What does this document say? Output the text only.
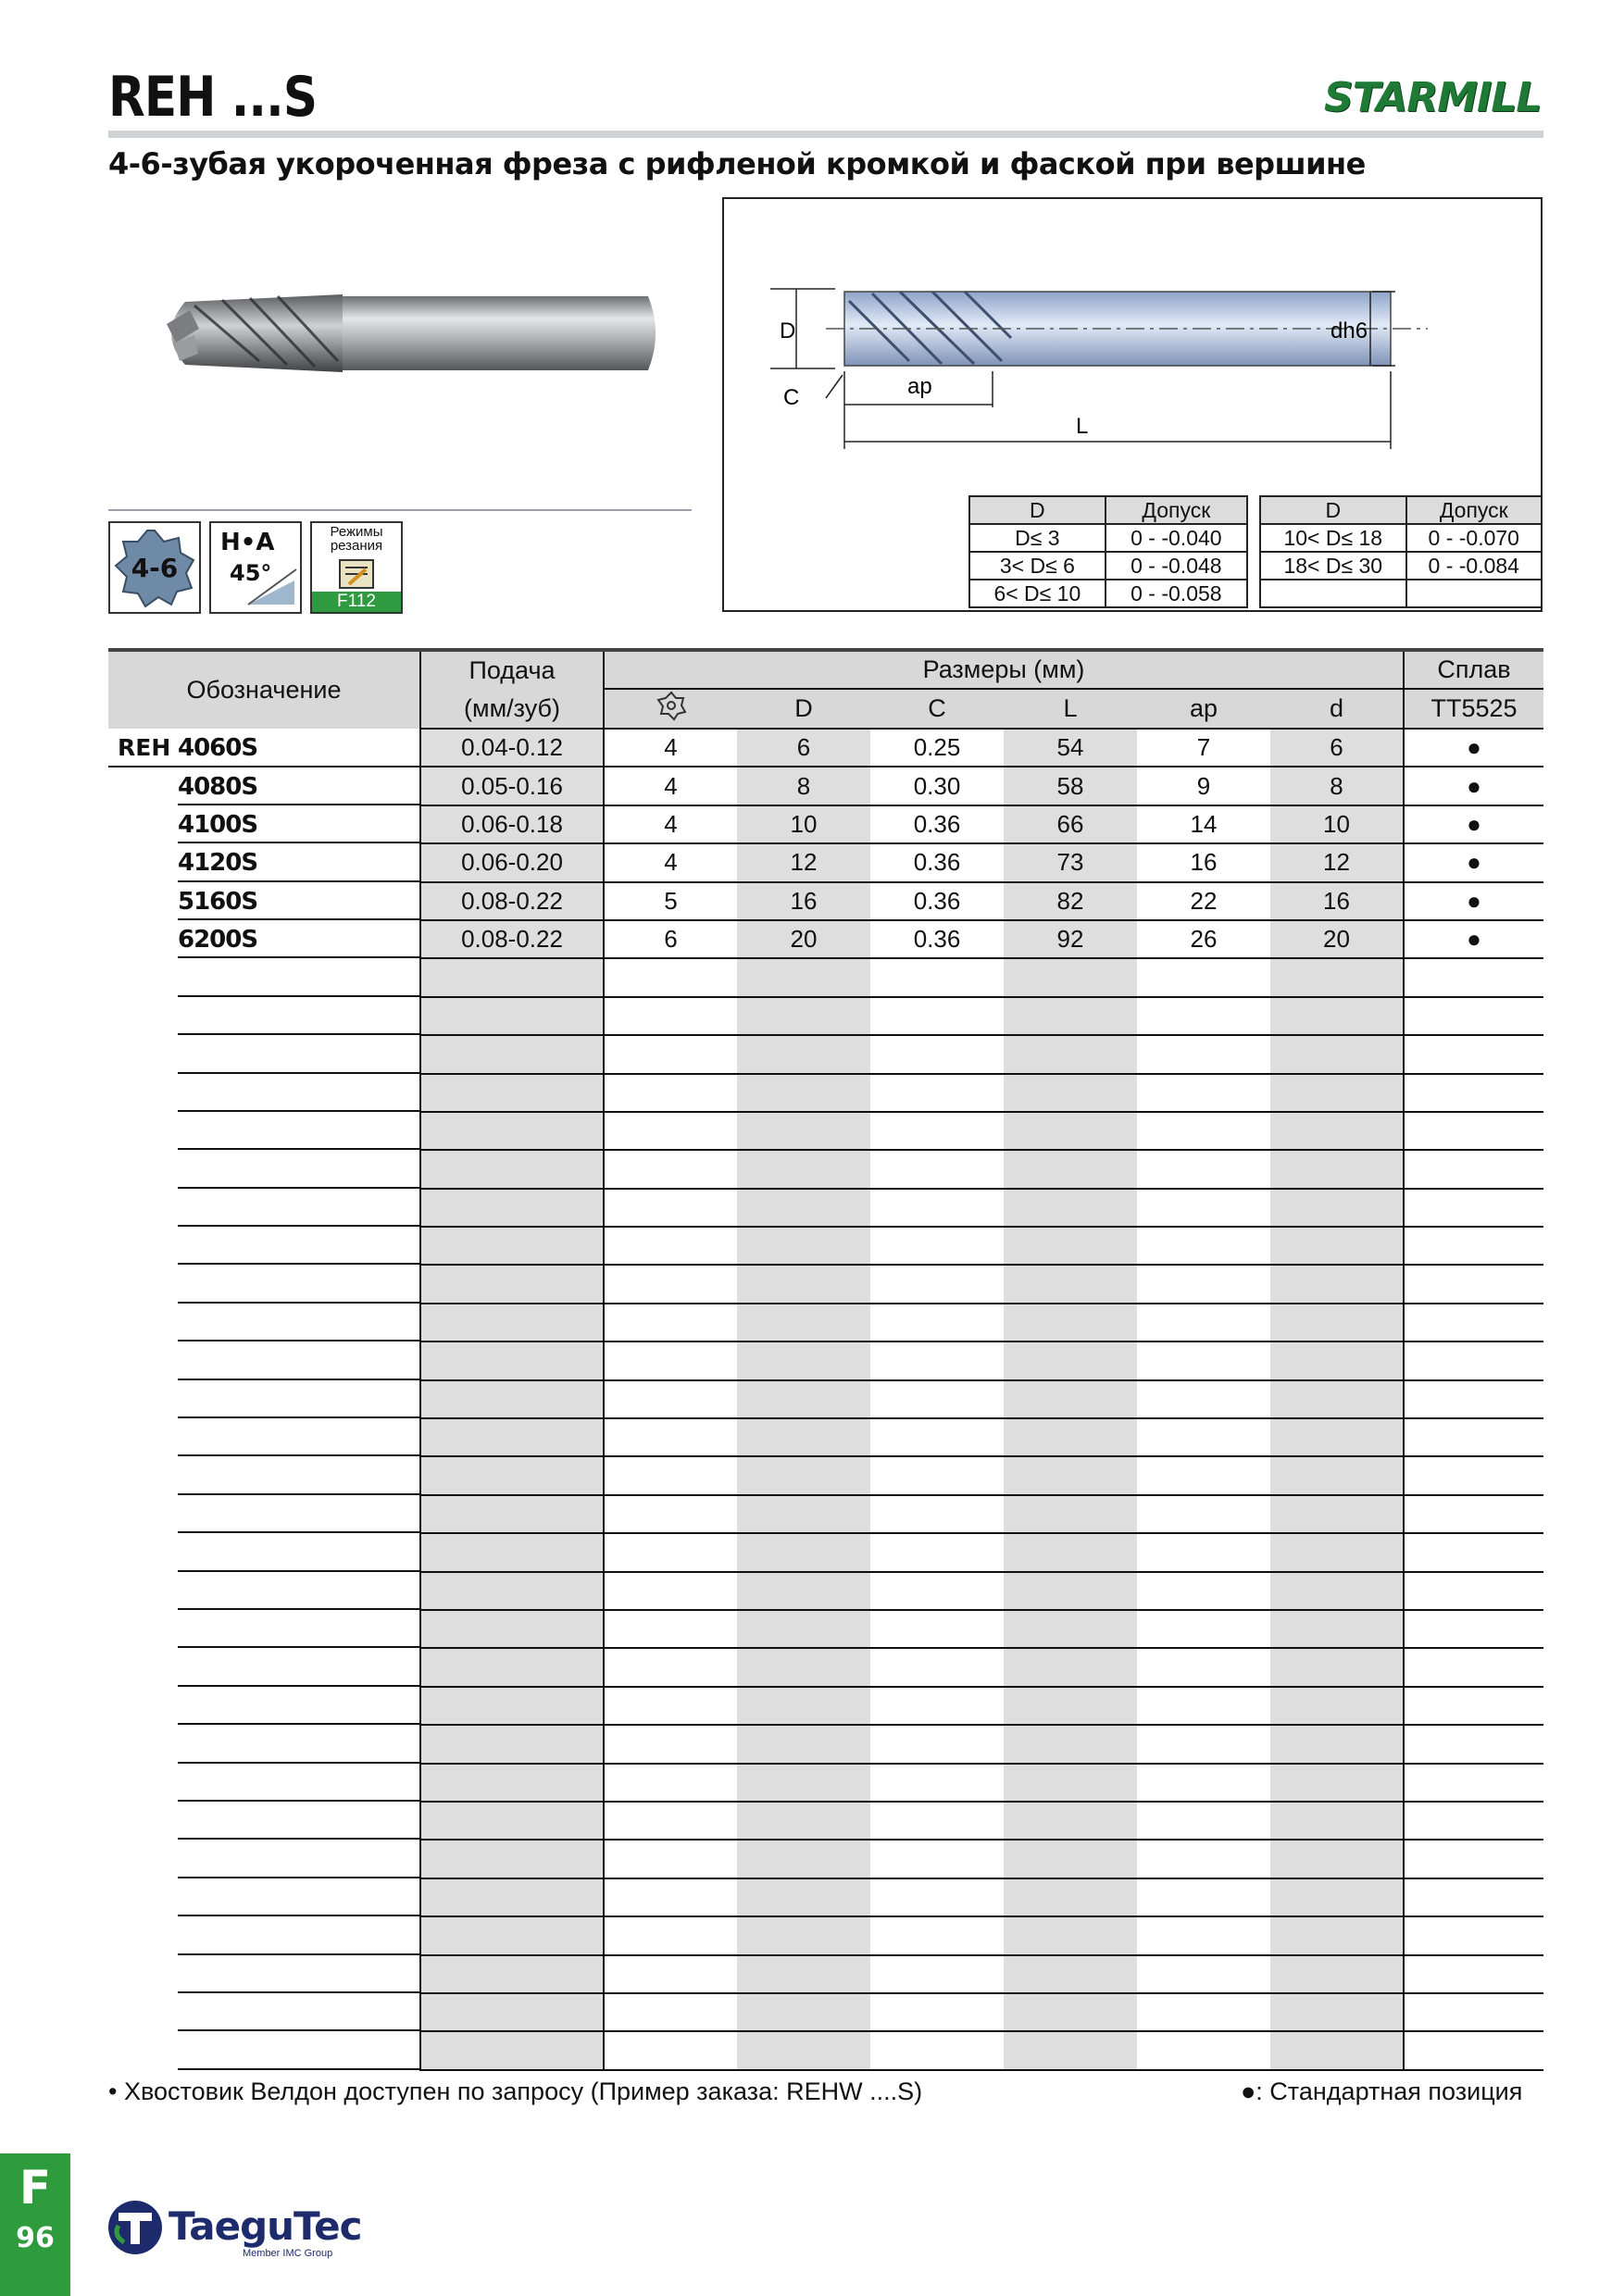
REH ...S	STARMILL
4-6-зубая укороченная фреза с рифленой кромкой и фаской при вершине
4-6
H•A
45°
Режимы
резания
F112
D	dh6
ap
L
C
D	Допуск
D≤ 3	0 - -0.040
3< D≤ 6	0 - -0.048
6< D≤ 10	0 - -0.058
D	Допуск
10< D≤ 18	0 - -0.070
18< D≤ 30	0 - -0.084

Обозначение	Подача	Размеры (мм)						Сплав
	(мм/зуб)		D	C	L	ap	d	TT5525
REH 4060S	0.04-0.12	4	6	0.25	54	7	6	●
4080S	0.05-0.16	4	8	0.30	58	9	8	●
4100S	0.06-0.18	4	10	0.36	66	14	10	●
4120S	0.06-0.20	4	12	0.36	73	16	12	●
5160S	0.08-0.22	5	16	0.36	82	22	16	●
6200S	0.08-0.22	6	20	0.36	92	26	20	●

• Хвостовик Велдон доступен по запросу (Пример заказа: REHW ....S)	●: Стандартная позиция
F
96	TaeguTec
Member IMC Group
